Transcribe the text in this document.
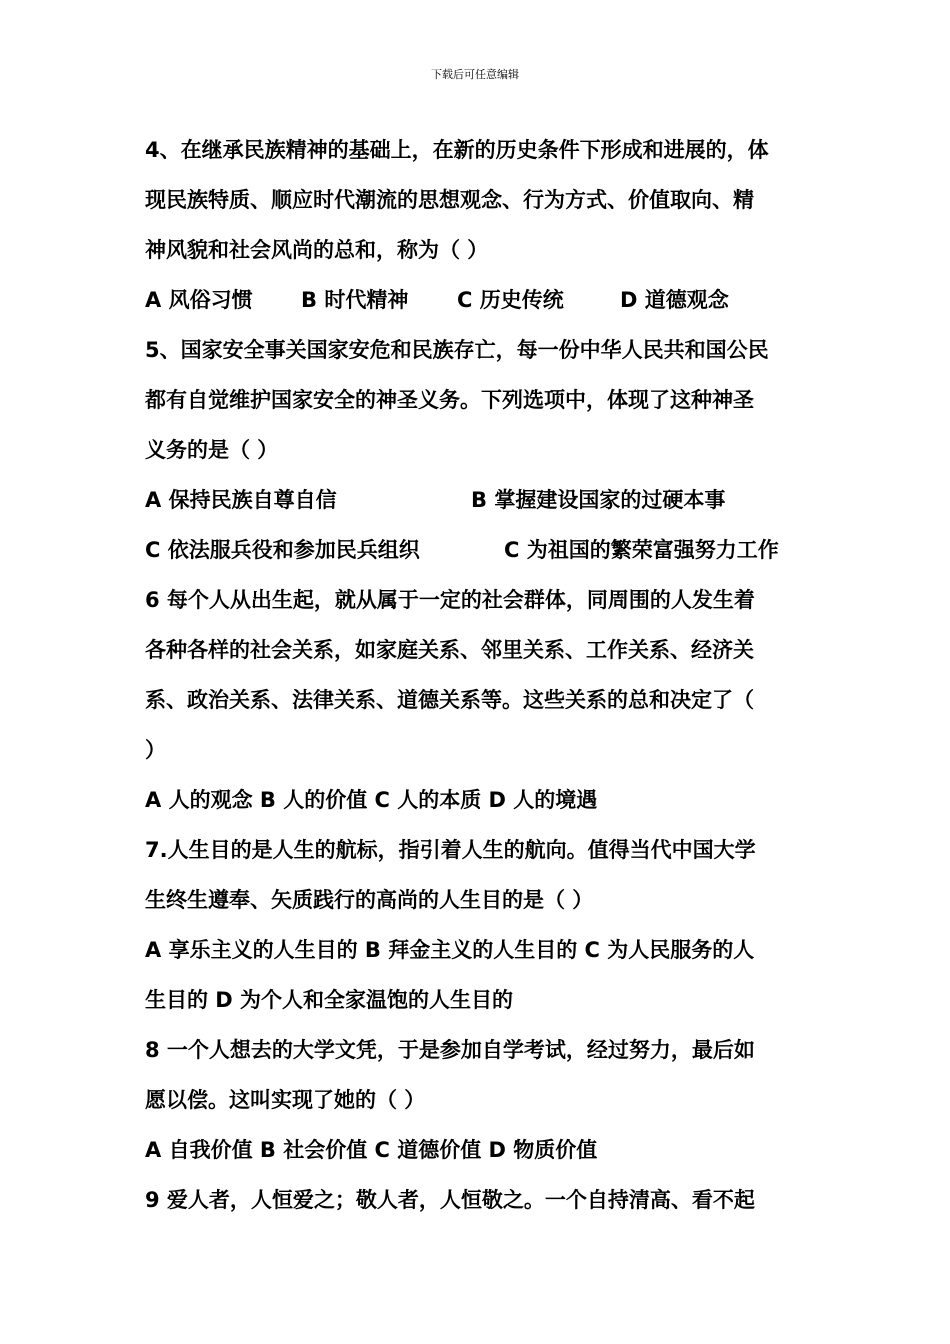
下载后可任意编辑
4、在继承民族精神的基础上，在新的历史条件下形成和进展的，体
现民族特质、顺应时代潮流的思想观念、行为方式、价值取向、精
神风貌和社会风尚的总和，称为（ ）
A 风俗习惯 B 时代精神 C 历史传统	D 道德观念
5、国家安全事关国家安危和民族存亡，每一份中华人民共和国公民
都有自觉维护国家安全的神圣义务。下列选项中，体现了这种神圣
义务的是（ ）
A 保持民族自尊自信	B 掌握建设国家的过硬本事
C 依法服兵役和参加民兵组织	C 为祖国的繁荣富强努力工作
6 每个人从出生起，就从属于一定的社会群体，同周围的人发生着
各种各样的社会关系，如家庭关系、邻里关系、工作关系、经济关
系、政治关系、法律关系、道德关系等。这些关系的总和决定了（
）
A 人的观念 B 人的价值 C 人的本质 D 人的境遇
7.人生目的是人生的航标，指引着人生的航向。值得当代中国大学
生终生遵奉、矢质践行的高尚的人生目的是（ ）
A 享乐主义的人生目的 B 拜金主义的人生目的 C 为人民服务的人
生目的 D 为个人和全家温饱的人生目的
8 一个人想去的大学文凭，于是参加自学考试，经过努力，最后如
愿以偿。这叫实现了她的（ ）
A 自我价值 B 社会价值 C 道德价值 D 物质价值
9 爱人者，人恒爱之；敬人者，人恒敬之。一个自持清高、看不起
